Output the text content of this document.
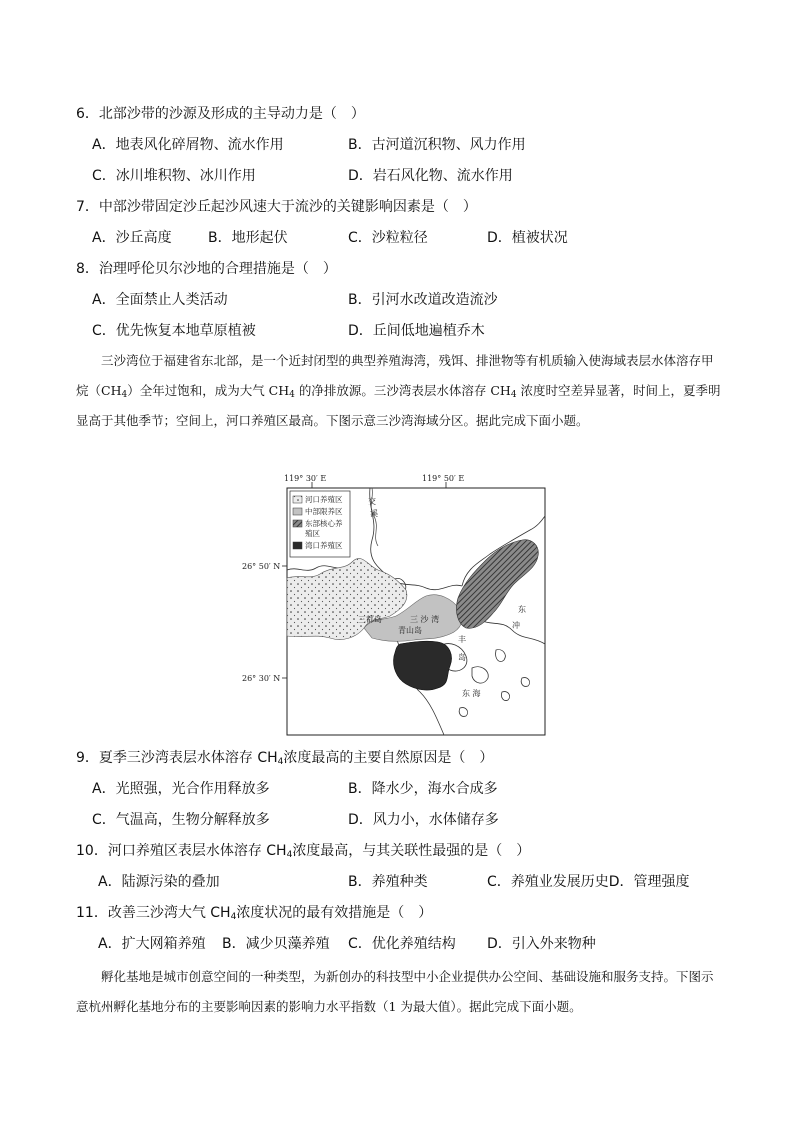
6．北部沙带的沙源及形成的主导动力是（　）
A．地表风化碎屑物、流水作用	B．古河道沉积物、风力作用
C．冰川堆积物、冰川作用	D．岩石风化物、流水作用
7．中部沙带固定沙丘起沙风速大于流沙的关键影响因素是（　）
A．沙丘高度	B．地形起伏	C．沙粒粒径	D．植被状况
8．治理呼伦贝尔沙地的合理措施是（　）
A．全面禁止人类活动	B．引河水改道改造流沙
C．优先恢复本地草原植被	D．丘间低地遍植乔木

三沙湾位于福建省东北部，是一个近封闭型的典型养殖海湾，残饵、排泄物等有机质输入使海域表层水体溶存甲烷$(CH_4)$全年过饱和，成为大气 $CH_4$ 的净排放源。三沙湾表层水体溶存 $CH_4$ 浓度时空差异显著，时间上，夏季明显高于其他季节；空间上，河口养殖区最高。下图示意三沙湾海域分区。据此完成下面小题。

119° 30′ E	119° 50′ E
26° 50′ N
26° 30′ N
河口养殖区
中部限养区
东部核心养
殖区
湾口养殖区
交
溪
三都岛	三 沙 湾
青山岛
丰
岛
东
冲
东 海
9．夏季三沙湾表层水体溶存 $CH_4$浓度最高的主要自然原因是（　）
A．光照强，光合作用释放多	B．降水少，海水合成多
C．气温高，生物分解释放多	D．风力小，水体储存多
10．河口养殖区表层水体溶存 $CH_4$浓度最高，与其关联性最强的是（　）
A．陆源污染的叠加	B．养殖种类	C．养殖业发展历史D．管理强度
11．改善三沙湾大气 $CH_4$浓度状况的最有效措施是（　）
A．扩大网箱养殖 B．减少贝藻养殖 C．优化养殖结构 D．引入外来物种

孵化基地是城市创意空间的一种类型，为新创办的科技型中小企业提供办公空间、基础设施和服务支持。下图示意杭州孵化基地分布的主要影响因素的影响力水平指数（1 为最大值）。据此完成下面小题。
